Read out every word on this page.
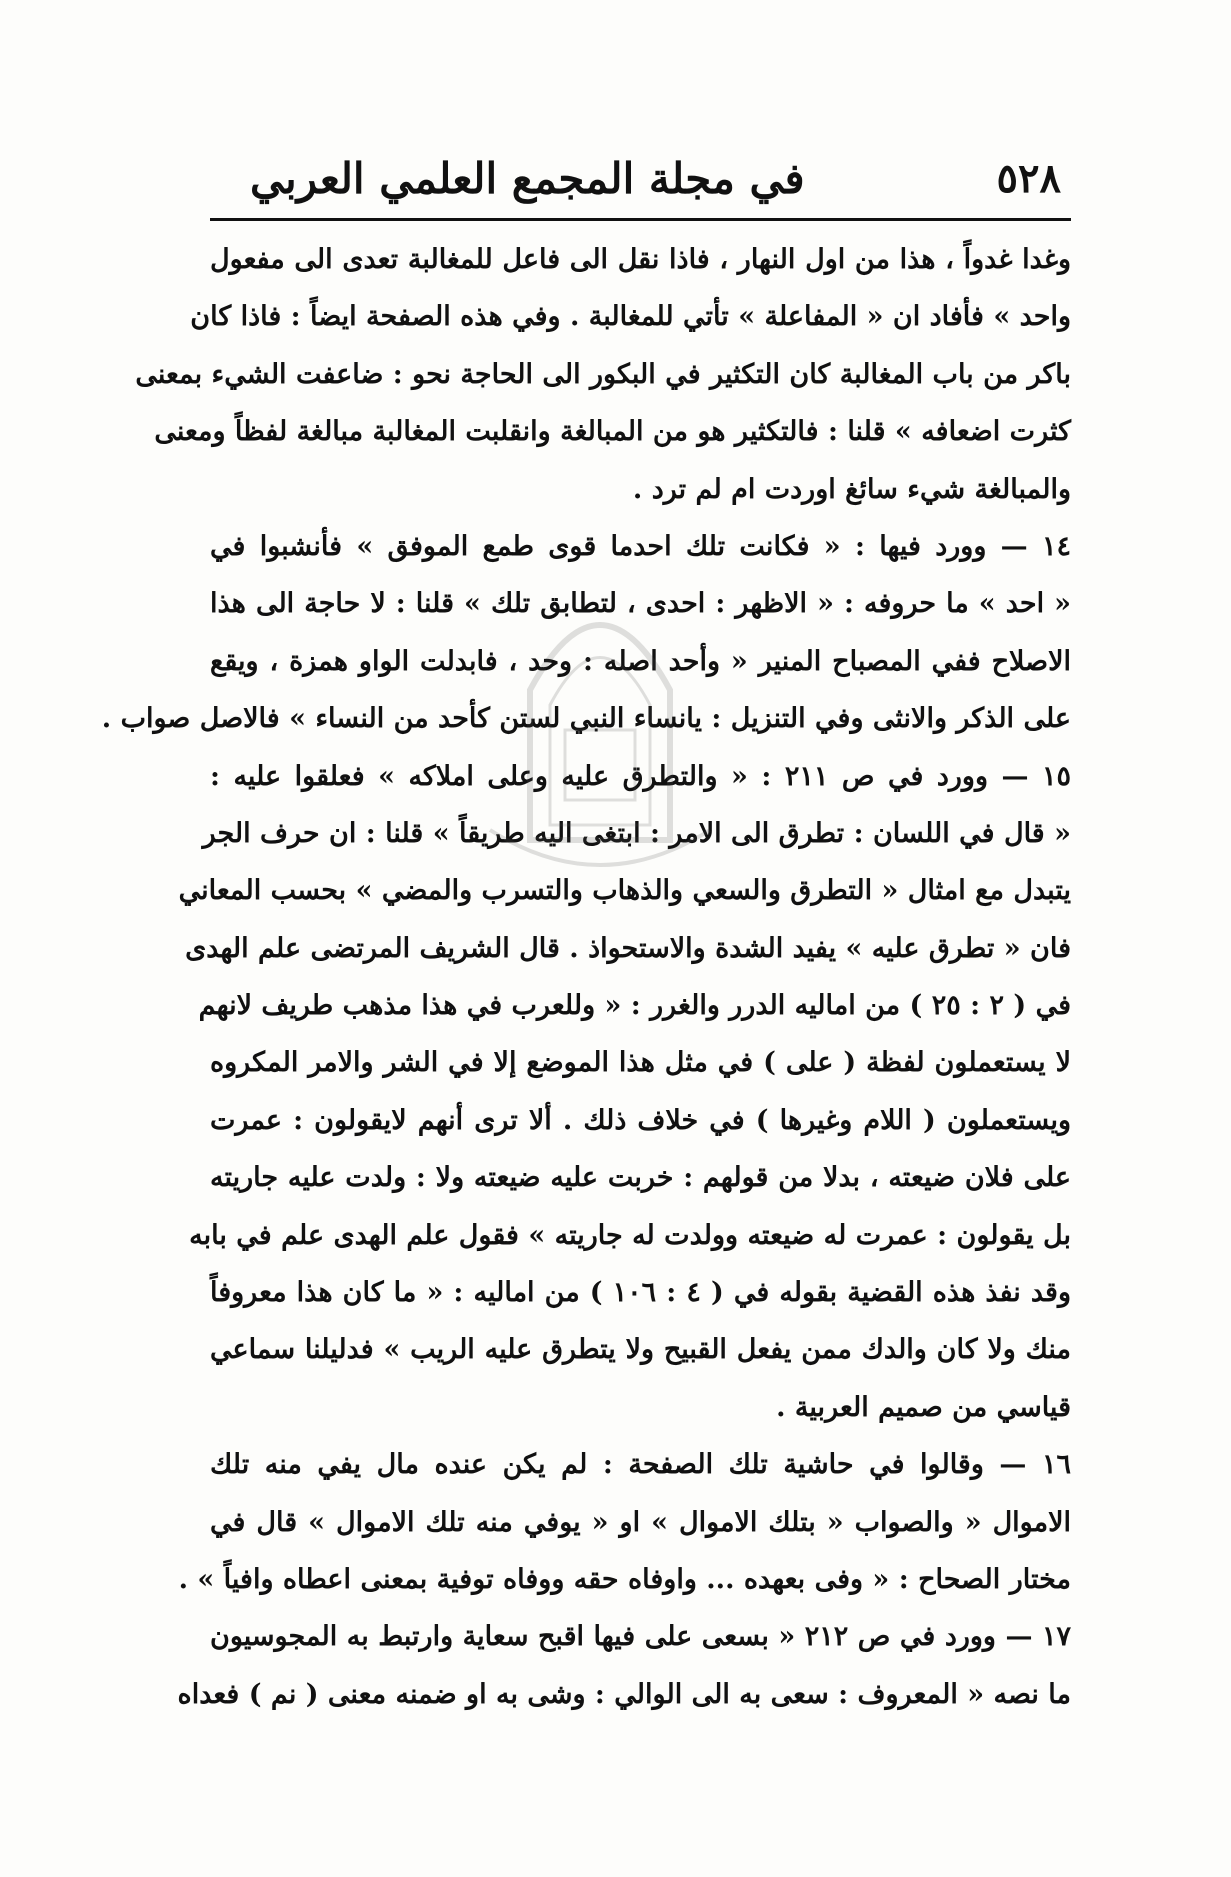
٥٢٨
في مجلة المجمع العلمي العربي
وغدا غدواً ، هذا من اول النهار ، فاذا نقل الى فاعل للمغالبة تعدى الى مفعول
واحد » فأفاد ان « المفاعلة » تأتي للمغالبة . وفي هذه الصفحة ايضاً : فاذا كان
باكر من باب المغالبة كان التكثير في البكور الى الحاجة نحو : ضاعفت الشيء بمعنى
كثرت اضعافه » قلنا : فالتكثير هو من المبالغة وانقلبت المغالبة مبالغة لفظاً ومعنى
والمبالغة شيء سائغ اوردت ام لم ترد .
١٤ — وورد فيها : « فكانت تلك احدما قوى طمع الموفق » فأنشبوا في
« احد » ما حروفه : « الاظهر : احدى ، لتطابق تلك » قلنا : لا حاجة الى هذا
الاصلاح ففي المصباح المنير « وأحد اصله : وحد ، فابدلت الواو همزة ، ويقع
على الذكر والانثى وفي التنزيل : يانساء النبي لستن كأحد من النساء » فالاصل صواب .
١٥ — وورد في ص ٢١١ : « والتطرق عليه وعلى املاكه » فعلقوا عليه :
« قال في اللسان : تطرق الى الامر : ابتغى اليه طريقاً » قلنا : ان حرف الجر
يتبدل مع امثال « التطرق والسعي والذهاب والتسرب والمضي » بحسب المعاني
فان « تطرق عليه » يفيد الشدة والاستحواذ . قال الشريف المرتضى علم الهدى
في ( ٢ : ٢٥ ) من اماليه الدرر والغرر : « وللعرب في هذا مذهب طريف لانهم
لا يستعملون لفظة ( على ) في مثل هذا الموضع إلا في الشر والامر المكروه
ويستعملون ( اللام وغيرها ) في خلاف ذلك . ألا ترى أنهم لايقولون : عمرت
على فلان ضيعته ، بدلا من قولهم : خربت عليه ضيعته ولا : ولدت عليه جاريته
بل يقولون : عمرت له ضيعته وولدت له جاريته » فقول علم الهدى علم في بابه
وقد نفذ هذه القضية بقوله في ( ٤ : ١٠٦ ) من اماليه : « ما كان هذا معروفاً
منك ولا كان والدك ممن يفعل القبيح ولا يتطرق عليه الريب » فدليلنا سماعي
قياسي من صميم العربية .
١٦ — وقالوا في حاشية تلك الصفحة : لم يكن عنده مال يفي منه تلك
الاموال « والصواب « بتلك الاموال » او « يوفي منه تلك الاموال » قال في
مختار الصحاح : « وفى بعهده ... واوفاه حقه ووفاه توفية بمعنى اعطاه وافياً » .
١٧ — وورد في ص ٢١٢ « بسعى على فيها اقبح سعاية وارتبط به المجوسيون
ما نصه « المعروف : سعى به الى الوالي : وشى به او ضمنه معنى ( نم ) فعداه
